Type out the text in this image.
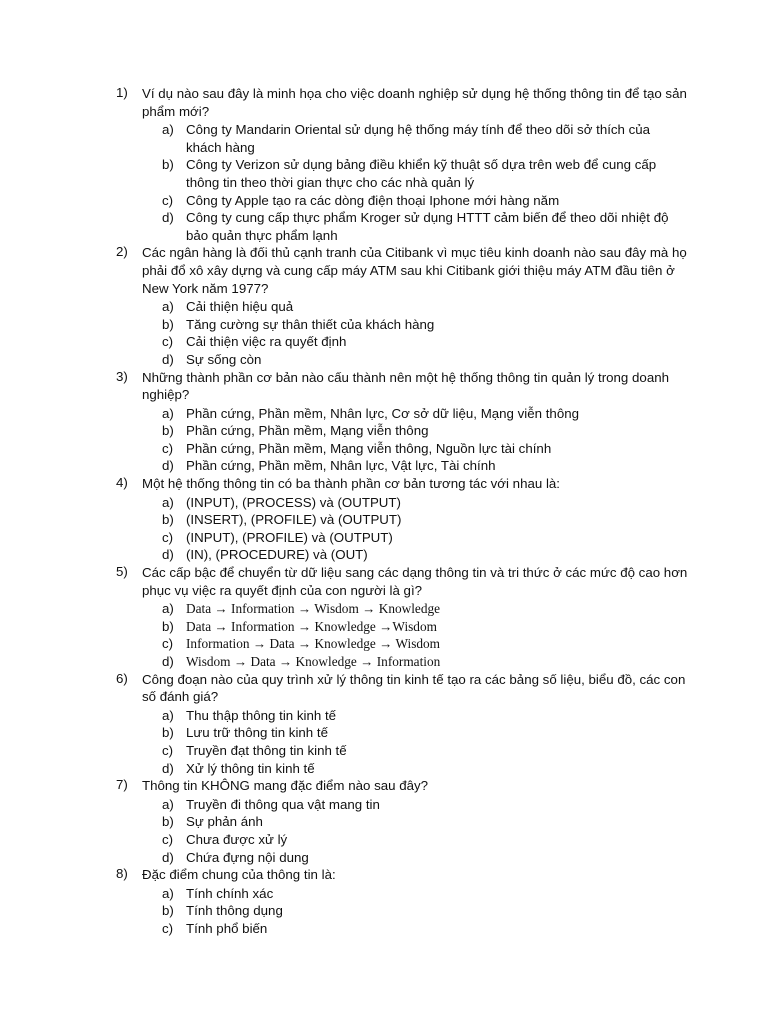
1) Ví dụ nào sau đây là minh họa cho việc doanh nghiệp sử dụng hệ thống thông tin để tạo sản phẩm mới?
a) Công ty Mandarin Oriental sử dụng hệ thống máy tính để theo dõi sở thích của khách hàng
b) Công ty Verizon sử dụng bảng điều khiển kỹ thuật số dựa trên web để cung cấp thông tin theo thời gian thực cho các nhà quản lý
c) Công ty Apple tạo ra các dòng điện thoại Iphone mới hàng năm
d) Công ty cung cấp thực phẩm Kroger sử dụng HTTT cảm biến để theo dõi nhiệt độ bảo quản thực phẩm lạnh
2) Các ngân hàng là đối thủ cạnh tranh của Citibank vì mục tiêu kinh doanh nào sau đây mà họ phải đổ xô xây dựng và cung cấp máy ATM sau khi Citibank giới thiệu máy ATM đầu tiên ở New York năm 1977?
a) Cải thiện hiệu quả
b) Tăng cường sự thân thiết của khách hàng
c) Cải thiện việc ra quyết định
d) Sự sống còn
3) Những thành phần cơ bản nào cấu thành nên một hệ thống thông tin quản lý trong doanh nghiệp?
a) Phần cứng, Phần mềm, Nhân lực, Cơ sở dữ liệu, Mạng viễn thông
b) Phần cứng, Phần mềm, Mạng viễn thông
c) Phần cứng, Phần mềm, Mạng viễn thông, Nguồn lực tài chính
d) Phần cứng, Phần mềm, Nhân lực, Vật lực, Tài chính
4) Một hệ thống thông tin có ba thành phần cơ bản tương tác với nhau là:
a) (INPUT), (PROCESS) và (OUTPUT)
b) (INSERT), (PROFILE) và (OUTPUT)
c) (INPUT), (PROFILE) và (OUTPUT)
d) (IN), (PROCEDURE) và (OUT)
5) Các cấp bậc để chuyển từ dữ liệu sang các dạng thông tin và tri thức ở các mức độ cao hơn phục vụ việc ra quyết định của con người là gì?
a) Data → Information → Wisdom → Knowledge
b) Data → Information → Knowledge →Wisdom
c) Information → Data → Knowledge → Wisdom
d) Wisdom → Data → Knowledge → Information
6) Công đoạn nào của quy trình xử lý thông tin kinh tế tạo ra các bảng số liệu, biểu đồ, các con số đánh giá?
a) Thu thập thông tin kinh tế
b) Lưu trữ thông tin kinh tế
c) Truyền đạt thông tin kinh tế
d) Xử lý thông tin kinh tế
7) Thông tin KHÔNG mang đặc điểm nào sau đây?
a) Truyền đi thông qua vật mang tin
b) Sự phản ánh
c) Chưa được xử lý
d) Chứa đựng nội dung
8) Đặc điểm chung của thông tin là:
a) Tính chính xác
b) Tính thông dụng
c) Tính phổ biến
